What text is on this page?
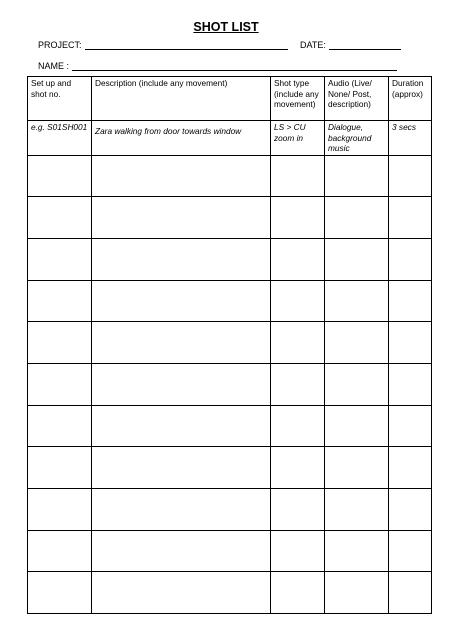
SHOT LIST
PROJECT:	DATE:
NAME :
Set up and shot no.	Description (include any movement)	Shot type (include any movement)	Audio (Live/ None/ Post, description)	Duration (approx)
e.g. S01SH001	Zara walking from door towards window	LS > CU zoom in	Dialogue, background music	3 secs
